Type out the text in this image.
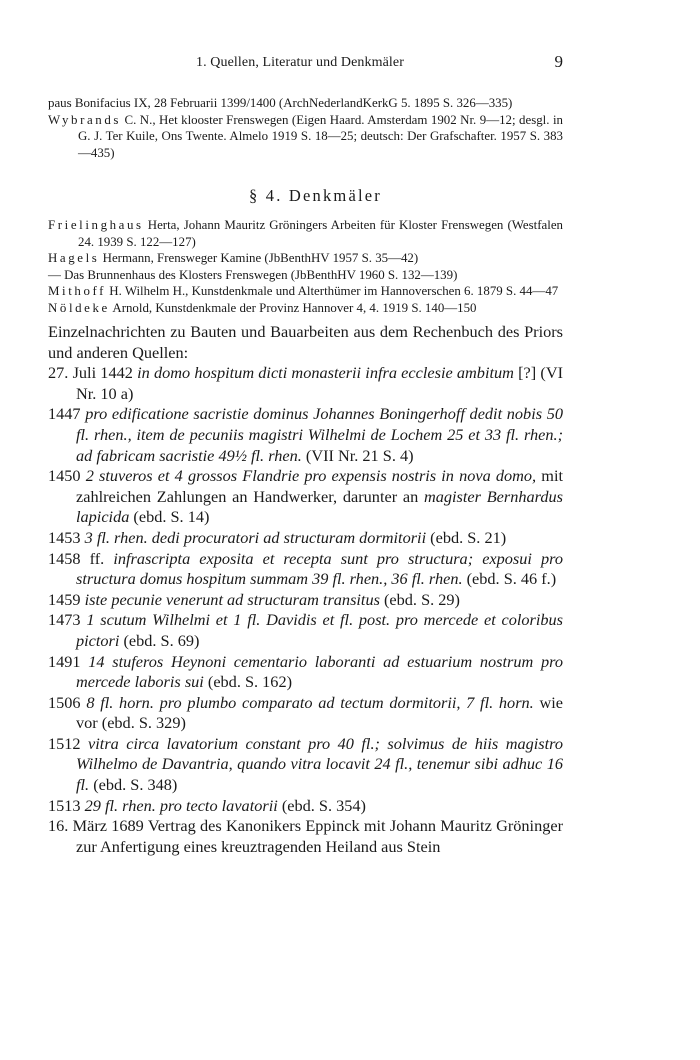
1. Quellen, Literatur und Denkmäler	9

paus Bonifacius IX, 28 Februarii 1399/1400 (ArchNederlandKerkG 5. 1895 S. 326—335)

Wybrands C. N., Het klooster Frenswegen (Eigen Haard. Amsterdam 1902 Nr. 9—12; desgl. in G. J. Ter Kuile, Ons Twente. Almelo 1919 S. 18—25; deutsch: Der Grafschafter. 1957 S. 383—435)

§ 4. Denkmäler

Frielinghaus Herta, Johann Mauritz Gröningers Arbeiten für Kloster Frenswegen (Westfalen 24. 1939 S. 122—127)

Hagels Hermann, Frensweger Kamine (JbBenthHV 1957 S. 35—42)

— Das Brunnenhaus des Klosters Frenswegen (JbBenthHV 1960 S. 132—139)

Mithoff H. Wilhelm H., Kunstdenkmale und Alterthümer im Hannoverschen 6. 1879 S. 44—47

Nöldeke Arnold, Kunstdenkmale der Provinz Hannover 4, 4. 1919 S. 140—150

Einzelnachrichten zu Bauten und Bauarbeiten aus dem Rechenbuch des Priors und anderen Quellen:

27. Juli 1442 in domo hospitum dicti monasterii infra ecclesie ambitum [?] (VI Nr. 10 a)

1447 pro edificatione sacristie dominus Johannes Boningerhoff dedit nobis 50 fl. rhen., item de pecuniis magistri Wilhelmi de Lochem 25 et 33 fl. rhen.; ad fabricam sacristie 49½ fl. rhen. (VII Nr. 21 S. 4)

1450 2 stuveros et 4 grossos Flandrie pro expensis nostris in nova domo, mit zahlreichen Zahlungen an Handwerker, darunter an magister Bernhardus lapicida (ebd. S. 14)

1453 3 fl. rhen. dedi procuratori ad structuram dormitorii (ebd. S. 21)

1458 ff. infrascripta exposita et recepta sunt pro structura; exposui pro structura domus hospitum summam 39 fl. rhen., 36 fl. rhen. (ebd. S. 46 f.)

1459 iste pecunie venerunt ad structuram transitus (ebd. S. 29)

1473 1 scutum Wilhelmi et 1 fl. Davidis et fl. post. pro mercede et coloribus pictori (ebd. S. 69)

1491 14 stuferos Heynoni cementario laboranti ad estuarium nostrum pro mercede laboris sui (ebd. S. 162)

1506 8 fl. horn. pro plumbo comparato ad tectum dormitorii, 7 fl. horn. wie vor (ebd. S. 329)

1512 vitra circa lavatorium constant pro 40 fl.; solvimus de hiis magistro Wilhelmo de Davantria, quando vitra locavit 24 fl., tenemur sibi adhuc 16 fl. (ebd. S. 348)

1513 29 fl. rhen. pro tecto lavatorii (ebd. S. 354)

16. März 1689 Vertrag des Kanonikers Eppinck mit Johann Mauritz Gröninger zur Anfertigung eines kreuztragenden Heiland aus Stein
